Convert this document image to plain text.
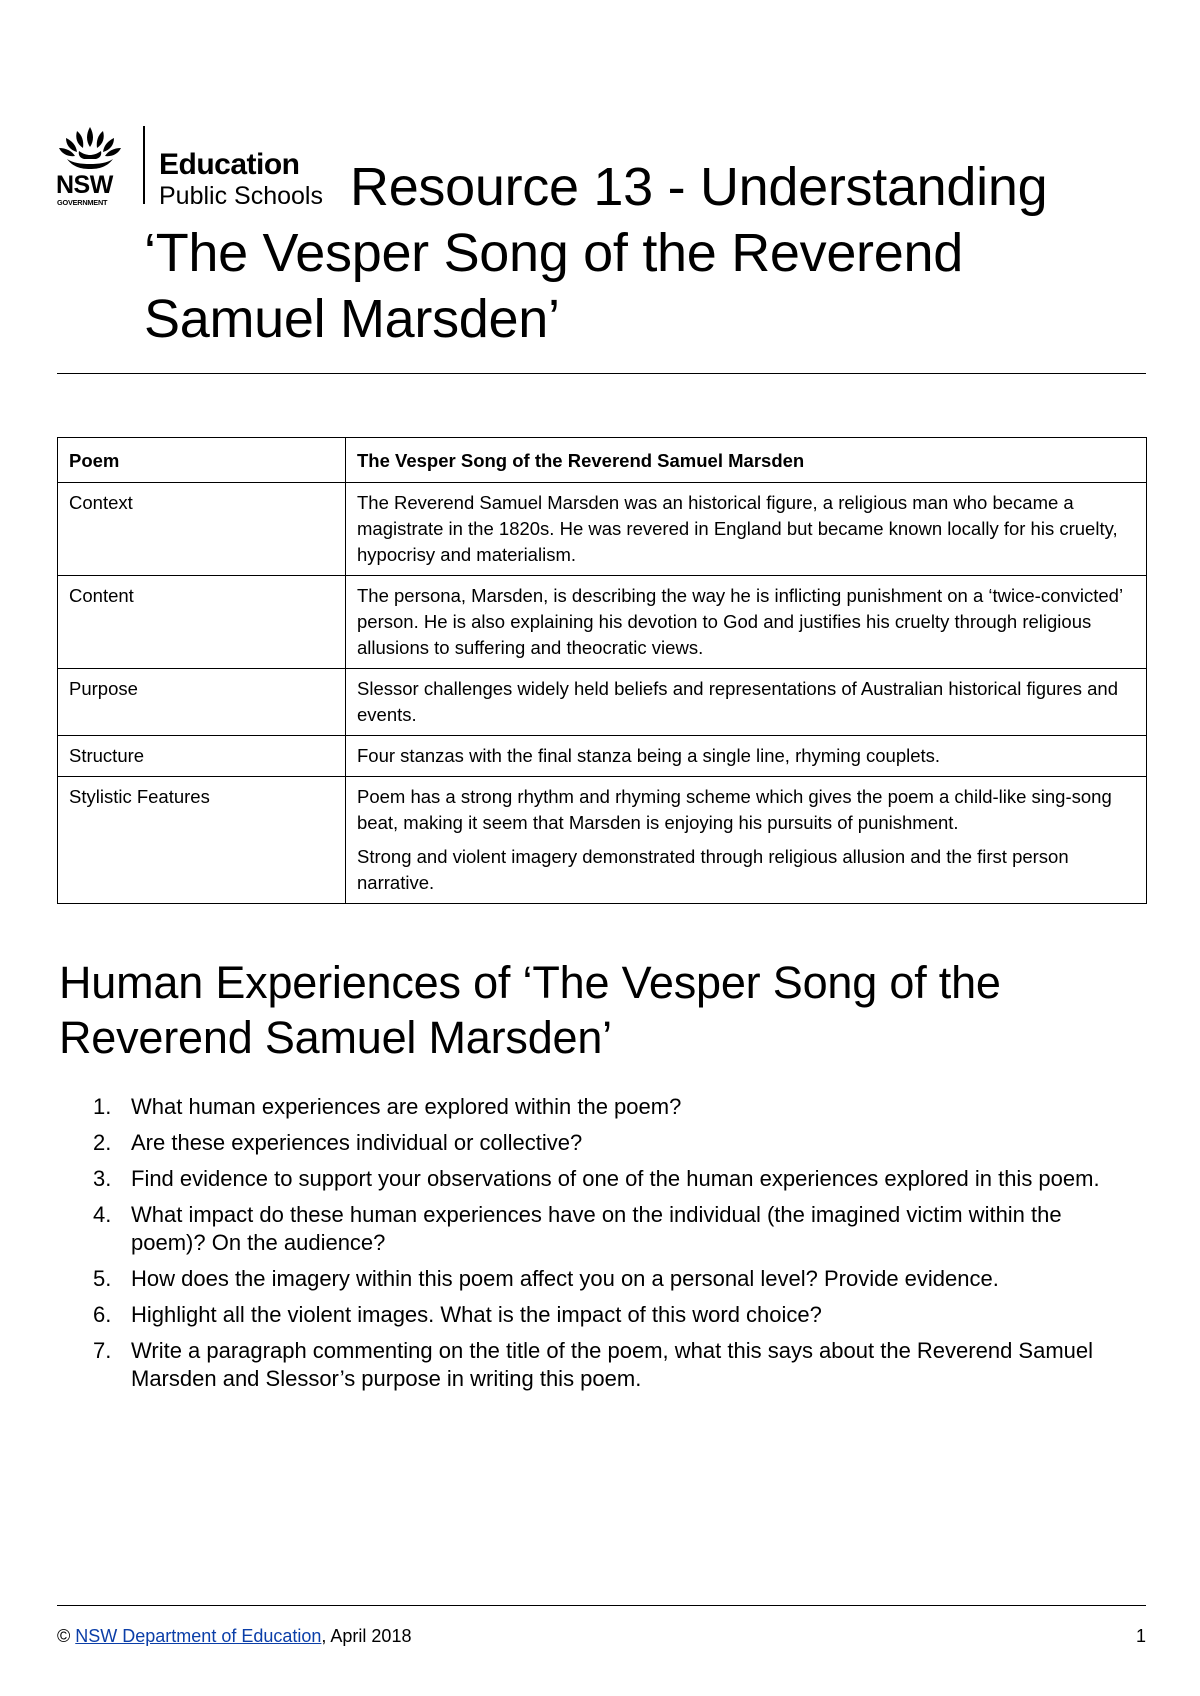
NSW
GOVERNMENT
Education
Public Schools Resource 13 - Understanding
‘The Vesper Song of the Reverend
Samuel Marsden’
Poem	The Vesper Song of the Reverend Samuel Marsden
Context	The Reverend Samuel Marsden was an historical figure, a religious man who became a magistrate in the 1820s. He was revered in England but became known locally for his cruelty, hypocrisy and materialism.

Content	The persona, Marsden, is describing the way he is inflicting punishment on a ‘twice-convicted’ person. He is also explaining his devotion to God and justifies his cruelty through religious allusions to suffering and theocratic views.

Purpose	Slessor challenges widely held beliefs and representations of Australian historical figures and events.

Structure	Four stanzas with the final stanza being a single line, rhyming couplets.

Stylistic Features	Poem has a strong rhythm and rhyming scheme which gives the poem a child-like sing-song beat, making it seem that Marsden is enjoying his pursuits of punishment.

Strong and violent imagery demonstrated through religious allusion and the first person narrative.

Human Experiences of ‘The Vesper Song of the Reverend Samuel Marsden’
1. What human experiences are explored within the poem?
2. Are these experiences individual or collective?
3. Find evidence to support your observations of one of the human experiences explored in this poem.
4. What impact do these human experiences have on the individual (the imagined victim within the poem)? On the audience?
5. How does the imagery within this poem affect you on a personal level? Provide evidence.
6. Highlight all the violent images. What is the impact of this word choice?
7. Write a paragraph commenting on the title of the poem, what this says about the Reverend Samuel Marsden and Slessor’s purpose in writing this poem.
© NSW Department of Education, April 2018	1
